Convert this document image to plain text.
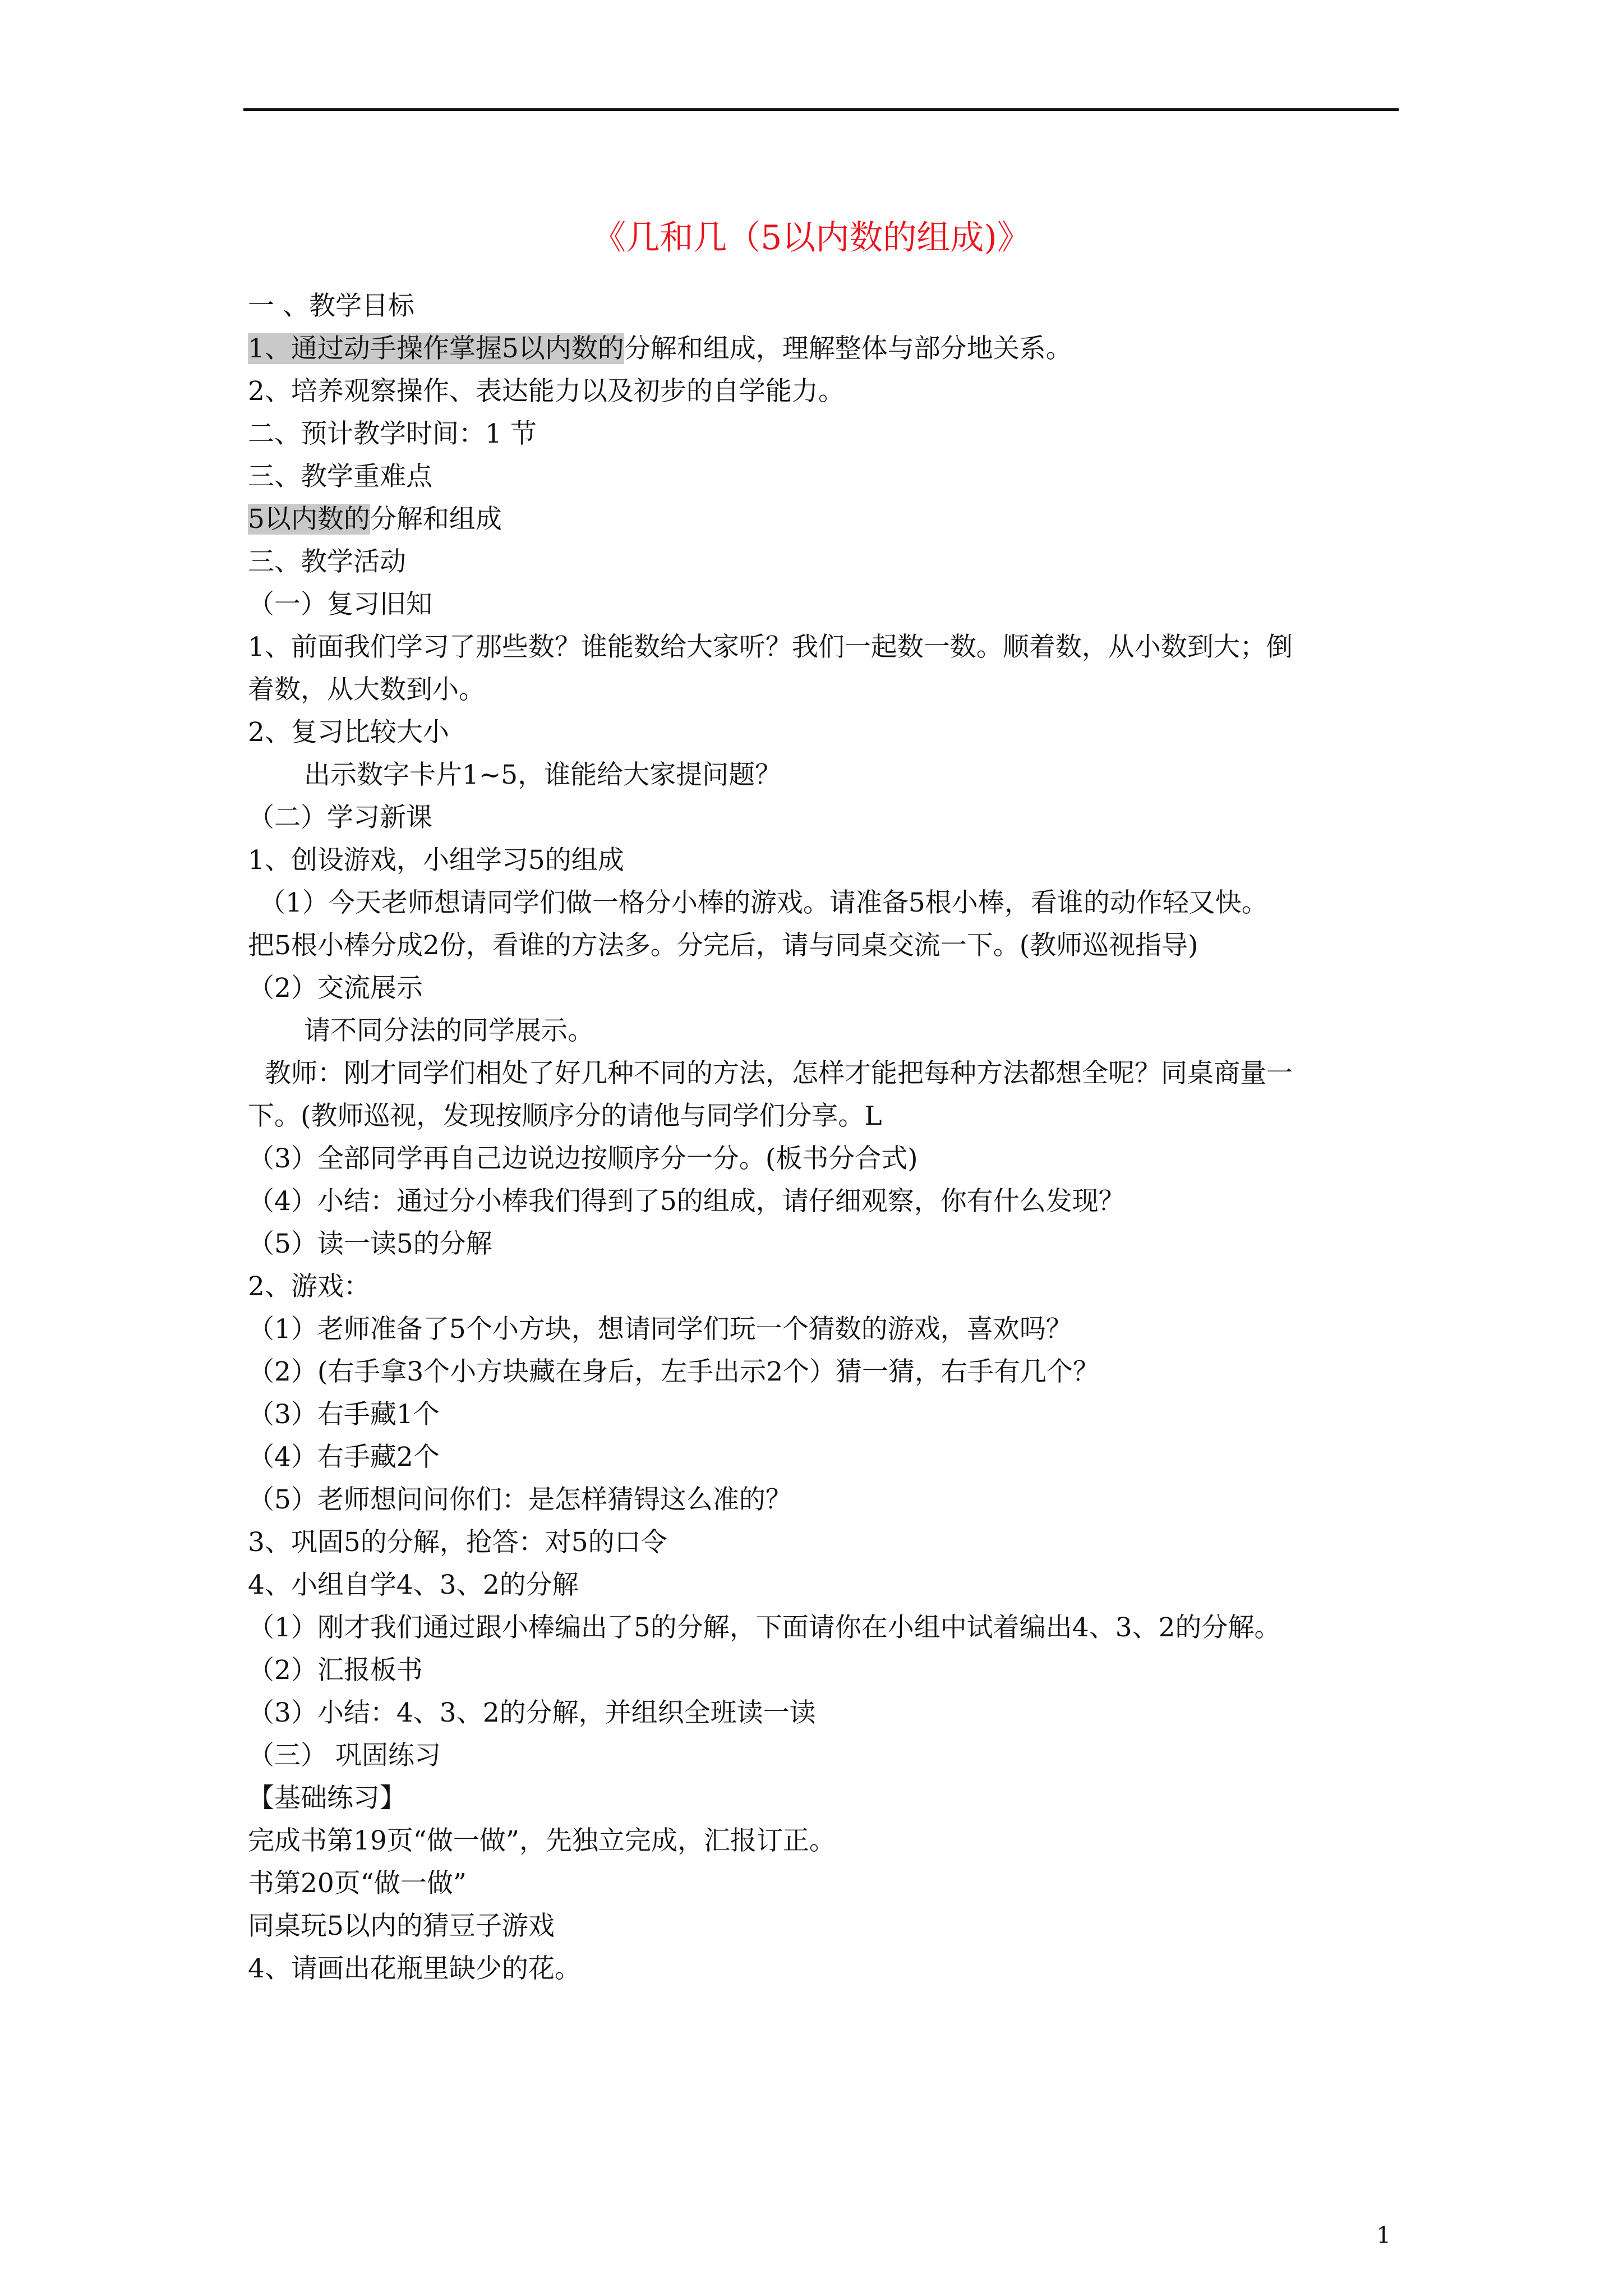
《几和几（5以内数的组成)》
一 、教学目标
1、通过动手操作掌握5以内数的分解和组成，理解整体与部分地关系。
2、培养观察操作、表达能力以及初步的自学能力。
二、预计教学时间：1 节
三、教学重难点
5以内数的分解和组成
三、教学活动
（一）复习旧知
1、前面我们学习了那些数？谁能数给大家听？我们一起数一数。顺着数，从小数到大；倒
着数，从大数到小。
2、复习比较大小
出示数字卡片1~5，谁能给大家提问题？
（二）学习新课
1、创设游戏，小组学习5的组成
（1）今天老师想请同学们做一格分小棒的游戏。请准备5根小棒，看谁的动作轻又快。
把5根小棒分成2份，看谁的方法多。分完后，请与同桌交流一下。(教师巡视指导)
（2）交流展示
请不同分法的同学展示。
教师：刚才同学们相处了好几种不同的方法，怎样才能把每种方法都想全呢？同桌商量一
下。(教师巡视，发现按顺序分的请他与同学们分享。L
（3）全部同学再自己边说边按顺序分一分。(板书分合式)
（4）小结：通过分小棒我们得到了5的组成，请仔细观察，你有什么发现？
（5）读一读5的分解
2、游戏：
（1）老师准备了5个小方块，想请同学们玩一个猜数的游戏，喜欢吗？
（2）(右手拿3个小方块藏在身后，左手出示2个）猜一猜，右手有几个？
（3）右手藏1个
（4）右手藏2个
（5）老师想问问你们：是怎样猜锝这么准的？
3、巩固5的分解，抢答：对5的口令
4、小组自学4、3、2的分解
（1）刚才我们通过跟小棒编出了5的分解，下面请你在小组中试着编出4、3、2的分解。
（2）汇报板书
（3）小结：4、3、2的分解，并组织全班读一读
（三） 巩固练习
【基础练习】
完成书第19页“做一做”，先独立完成，汇报订正。
书第20页“做一做”
同桌玩5以内的猜豆子游戏
4、请画出花瓶里缺少的花。
1
